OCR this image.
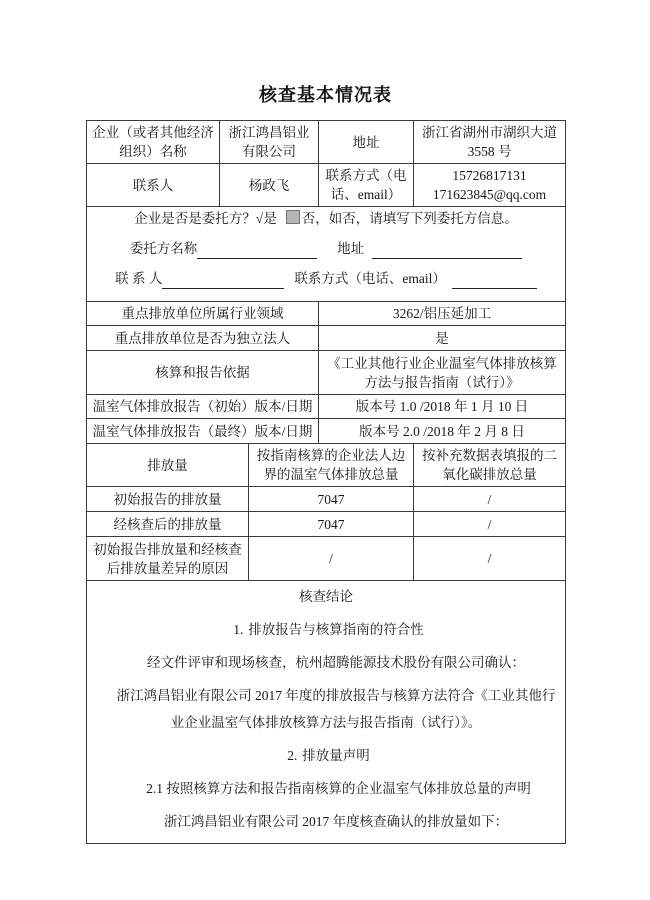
核查基本情况表
企业（或者其他经济组织）名称	浙江鸿昌铝业有限公司		地址	浙江省湖州市湖织大道 3558 号
联系人	杨政飞		联系方式（电话、email）	15726817131
171623845@qq.com

企业是否是委托方？√是 否，如否，请填写下列委托方信息。
委托方名称 地址
联 系 人 联系方式（电话、email）				

重点排放单位所属行业领域			3262/铝压延加工	
重点排放单位是否为独立法人			是	
核算和报告依据			《工业其他行业企业温室气体排放核算方法与报告指南（试行）》	
温室气体排放报告（初始）版本/日期			版本号 1.0 /2018 年 1 月 10 日	
温室气体排放报告（最终）版本/日期			版本号 2.0 /2018 年 2 月 8 日	
排放量		按指南核算的企业法人边界的温室气体排放总量		按补充数据表填报的二氧化碳排放总量
初始报告的排放量		7047		/
经核查后的排放量		7047		/
初始报告排放量和经核查后排放量差异的原因		/		/

核查结论

1. 排放报告与核算指南的符合性

经文件评审和现场核查，杭州超腾能源技术股份有限公司确认：

浙江鸿昌铝业有限公司 2017 年度的排放报告与核算方法符合《工业其他行业企业温室气体排放核算方法与报告指南（试行）》。

2. 排放量声明

2.1 按照核算方法和报告指南核算的企业温室气体排放总量的声明

浙江鸿昌铝业有限公司 2017 年度核查确认的排放量如下：
